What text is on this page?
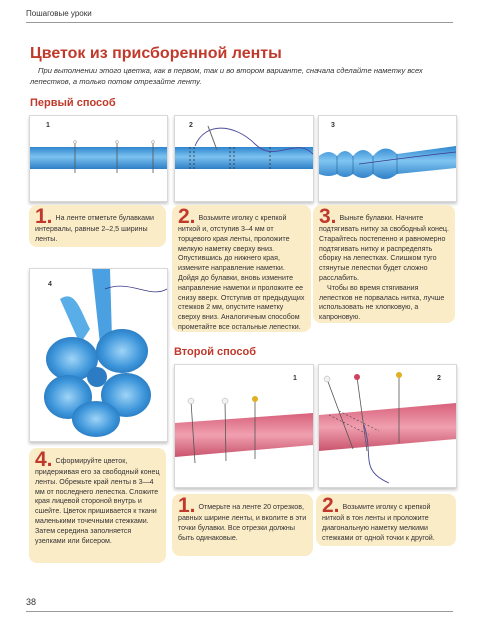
Пошаговые уроки
Цветок из присборенной ленты
При выполнении этого цветка, как в первом, так и во втором варианте, сначала сделайте наметку всех лепестков, а только потом отрезайте ленту.
Первый способ
1	2	3

1. На ленте отметьте булавками интервалы, равные 2–2,5 ширины ленты.

2. Возьмите иголку с крепкой ниткой и, отступив 3–4 мм от торцевого края ленты, проложите мелкую наметку сверху вниз. Опустившись до нижнего края, измените направление наметки. Дойдя до булавки, вновь измените направление наметки и проложите ее снизу вверх. Отступив от предыдущих стежков 2 мм, опустите наметку сверху вниз. Аналогичным способом прометайте все остальные лепестки.

3. Выньте булавки. Начните подтягивать нитку за свободный конец. Старайтесь постепенно и равномерно подтягивать нитку и распределять сборку на лепестках. Слишком туго стянутые лепестки будет сложно расслабить.

Чтобы во время стягивания лепестков не порвалась нитка, лучше использовать не хлопковую, а капроновую.

4

4. Сформируйте цветок, придерживая его за свободный конец ленты. Обрежьте край ленты в 3—4 мм от последнего лепестка. Сложите края лицевой стороной внутрь и сшейте. Цветок пришивается к ткани маленькими точечными стежками. Затем середина заполняется узелками или бисером.

Второй способ
1	2

1. Отмерьте на ленте 20 отрезков, равных ширине ленты, и вколите в эти точки булавки. Все отрезки должны быть одинаковые.

2. Возьмите иголку с крепкой ниткой в тон ленты и проложите диагональную наметку мелкими стежками от одной точки к другой.

38
